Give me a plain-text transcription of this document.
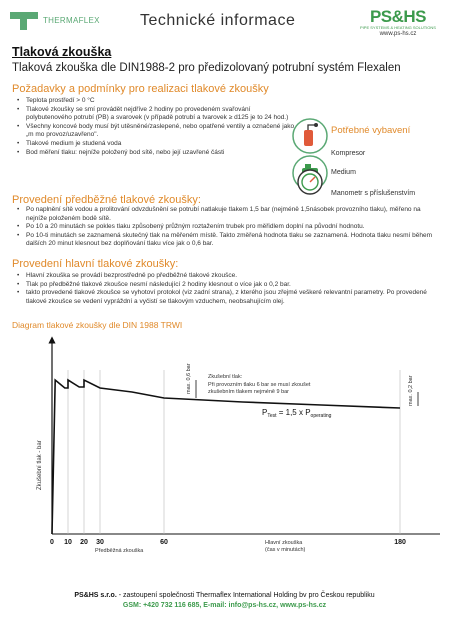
THERMAFLEX	Technické informace	PS&HS
PIPE SYSTEMS & HEATING SOLUTIONS
www.ps-hs.cz
Tlaková zkouška
Tlaková zkouška dle DIN1988-2 pro předizolovaný potrubní systém Flexalen
Požadavky a podmínky pro realizaci tlakové zkoušky
• Teplota prostředí > 0 °C
• Tlakové zkoušky se smí provádět nejdříve 2 hodiny po provedeném svařování polybutenového potrubí (PB) a svarovek (v případě potrubí a tvarovek ≥ d125 je to 24 hod.)
• Všechny koncové body musí být utěsněné/zaslepené, nebo opatřené ventily a označené jako „m mo provoz/uzavřeno".
• Tlakové medium je studená voda
• Bod měření tlaku: nejníže položený bod sítě, nebo její uzavřené části
Potřebné vybavení
Kompresor
Medium
Manometr s příslušenstvím
Provedení předběžné tlakové zkoušky:
• Po naplnění sítě vodou a prolitování odvzdušnění se potrubí natlakuje tlakem 1,5 bar (nejméně 1,5násobek provozního tlaku), měřeno na nejníže položeném bodě sítě.
• Po 10 a 20 minutách se pokles tlaku způsobený průžným roztažením trubek pro měřidlem doplní na původní hodnotu.
• Po 10-ti minutách se zaznamená skutečný tlak na měřeném místě. Takto změřená hodnota tlaku se zaznamená. Hodnota tlaku nesmí během dalších 20 minut klesnout bez doplňování tlaku více jak o 0,6 bar.
Provedení hlavní tlakové zkoušky:
• Hlavní zkouška se provádí bezprostředně po předběžné tlakové zkoušce.
• Tlak po předběžné tlakové zkoušce nesmí následující 2 hodiny klesnout o více jak o 0,2 bar.
• takto provedené tlakové zkoušce se vyhotoví protokol (viz zadní strana), z kterého jsou zřejmé veškeré relevantní parametry. Po provedené tlakové zkoušce se vedení vypráždní a vyčistí se tlakovým vzduchem, neobsahujícím olej.
Diagram tlakové zkoušky dle DIN 1988 TRWI
max. 0,6 bar	max. 0,2 bar
Zkušební tlak:
Při provozním tlaku 6 bar se musí zkoušet
zkušebním tlakem nejméně 9 bar
$P_{Test} = 1,5$ x $P_{operating}$
Zkušební tlak - bar
0 10 20 30	60	180
Předběžná zkouška
Hlavní zkouška (čas v minutách)
PS&HS s.r.o. - zastoupení společnosti Thermaflex International Holding bv pro Českou republiku
GSM: +420 732 116 685, E-mail: info@ps-hs.cz, www.ps-hs.cz
